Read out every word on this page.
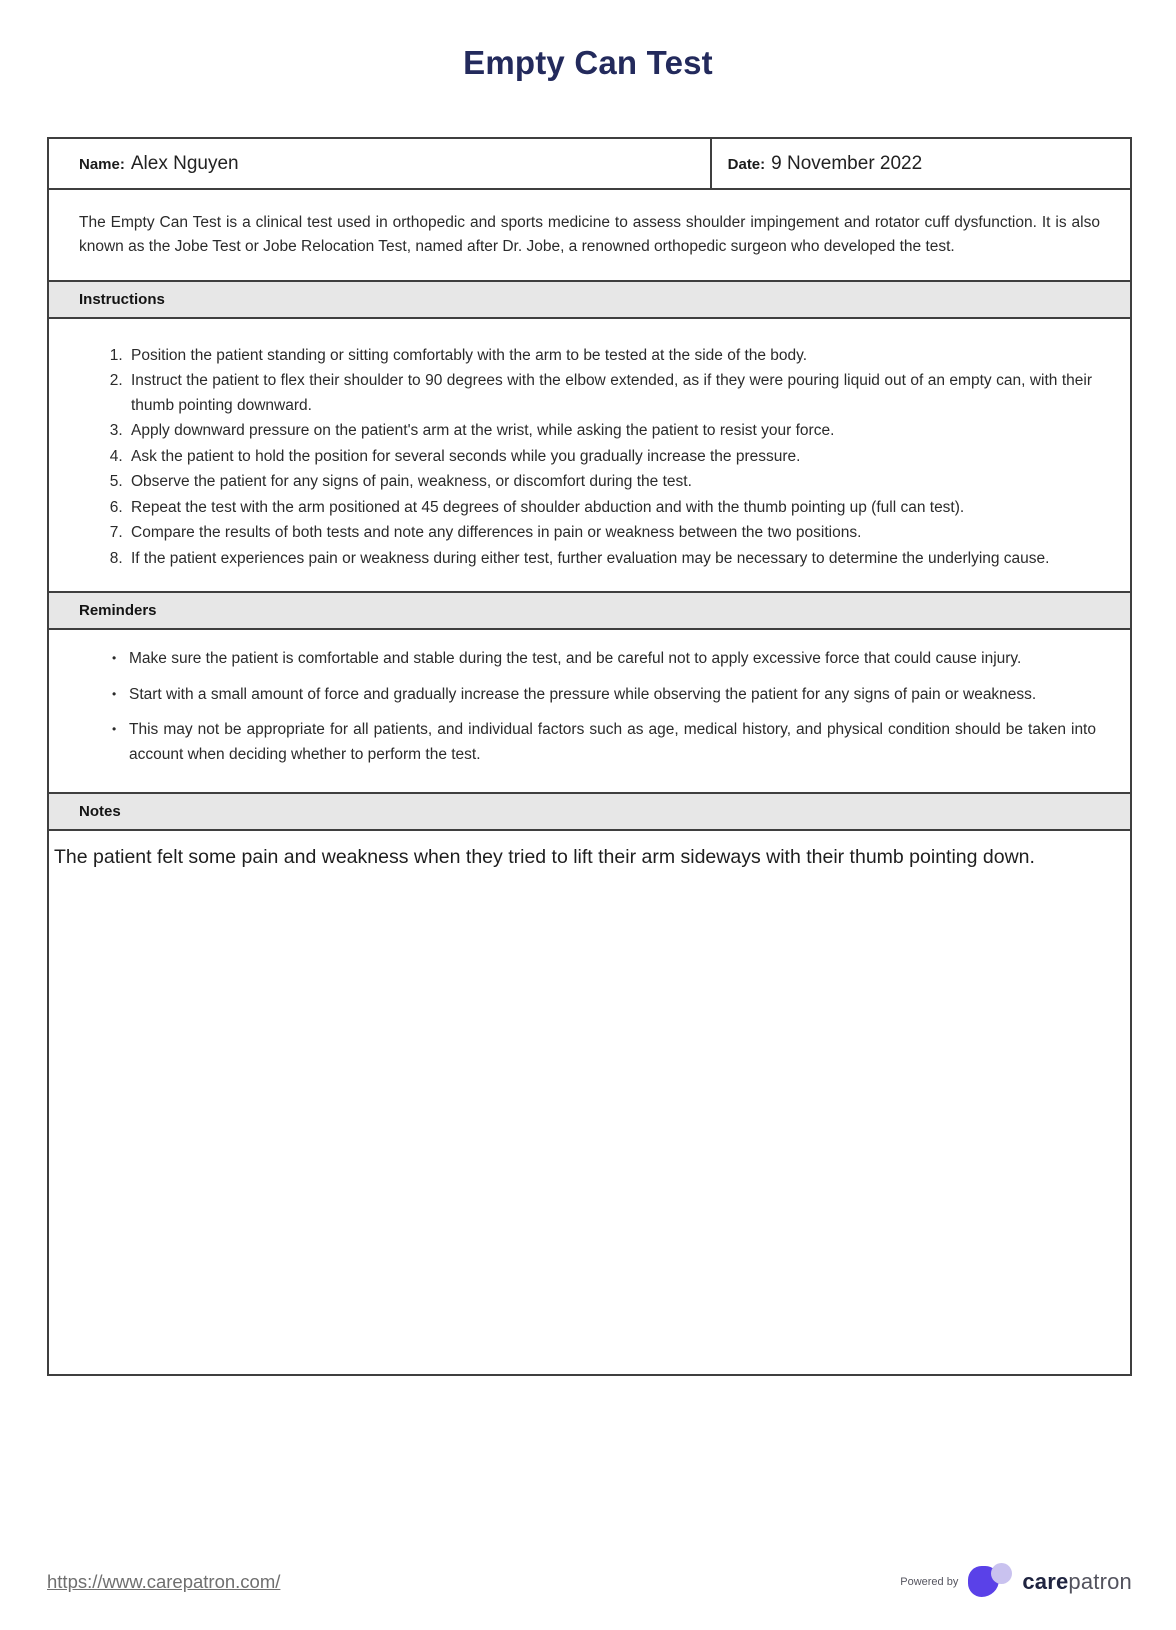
Empty Can Test
Name: Alex Nguyen	Date: 9 November 2022
The Empty Can Test is a clinical test used in orthopedic and sports medicine to assess shoulder impingement and rotator cuff dysfunction. It is also known as the Jobe Test or Jobe Relocation Test, named after Dr. Jobe, a renowned orthopedic surgeon who developed the test.
Instructions
1. Position the patient standing or sitting comfortably with the arm to be tested at the side of the body.
2. Instruct the patient to flex their shoulder to 90 degrees with the elbow extended, as if they were pouring liquid out of an empty can, with their thumb pointing downward.
3. Apply downward pressure on the patient's arm at the wrist, while asking the patient to resist your force.
4. Ask the patient to hold the position for several seconds while you gradually increase the pressure.
5. Observe the patient for any signs of pain, weakness, or discomfort during the test.
6. Repeat the test with the arm positioned at 45 degrees of shoulder abduction and with the thumb pointing up (full can test).
7. Compare the results of both tests and note any differences in pain or weakness between the two positions.
8. If the patient experiences pain or weakness during either test, further evaluation may be necessary to determine the underlying cause.
Reminders
• Make sure the patient is comfortable and stable during the test, and be careful not to apply excessive force that could cause injury.
• Start with a small amount of force and gradually increase the pressure while observing the patient for any signs of pain or weakness.
• This may not be appropriate for all patients, and individual factors such as age, medical history, and physical condition should be taken into account when deciding whether to perform the test.
Notes
The patient felt some pain and weakness when they tried to lift their arm sideways with their thumb pointing down.
https://www.carepatron.com/	Powered by	carepatron
